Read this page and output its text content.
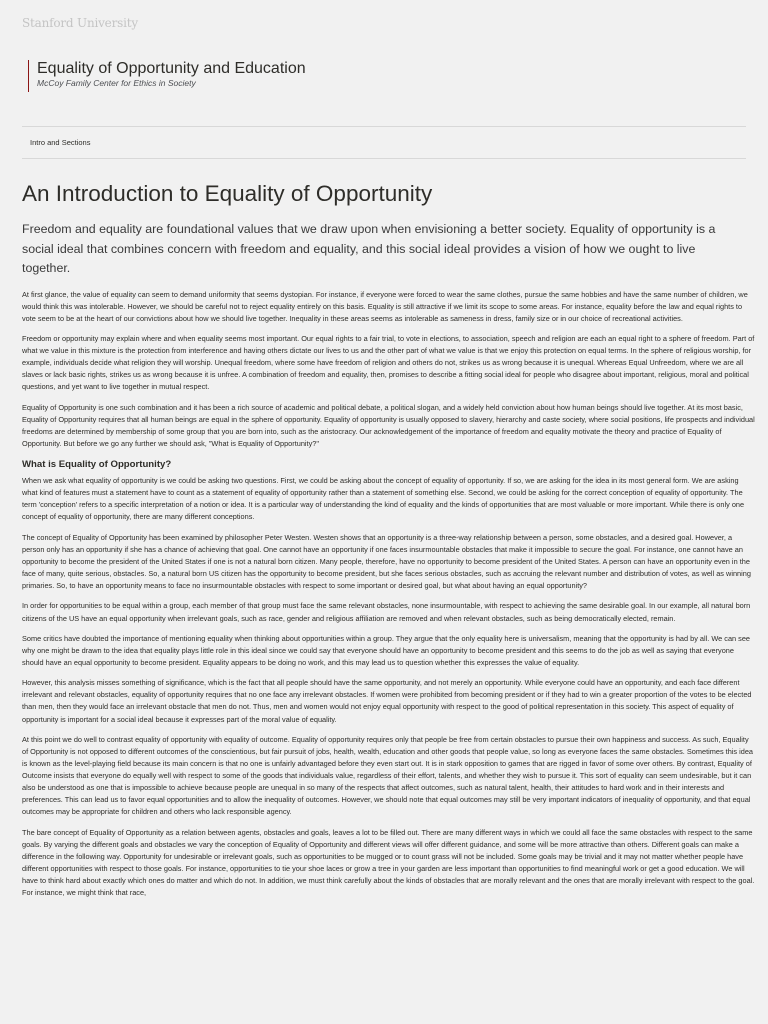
Stanford University
Equality of Opportunity and Education
McCoy Family Center for Ethics in Society
Intro and Sections
An Introduction to Equality of Opportunity

Freedom and equality are foundational values that we draw upon when envisioning a better society. Equality of opportunity is a social ideal that combines concern with freedom and equality, and this social ideal provides a vision of how we ought to live together.

At first glance, the value of equality can seem to demand uniformity that seems dystopian. For instance, if everyone were forced to wear the same clothes, pursue the same hobbies and have the same number of children, we would think this was intolerable. However, we should be careful not to reject equality entirely on this basis. Equality is still attractive if we limit its scope to some areas. For instance, equality before the law and equal rights to vote seem to be at the heart of our convictions about how we should live together. Inequality in these areas seems as intolerable as sameness in dress, family size or in our choice of recreational activities.

Freedom or opportunity may explain where and when equality seems most important. Our equal rights to a fair trial, to vote in elections, to association, speech and religion are each an equal right to a sphere of freedom. Part of what we value in this mixture is the protection from interference and having others dictate our lives to us and the other part of what we value is that we enjoy this protection on equal terms. In the sphere of religious worship, for example, individuals decide what religion they will worship. Unequal freedom, where some have freedom of religion and others do not, strikes us as wrong because it is unequal. Whereas Equal Unfreedom, where we are all slaves or lack basic rights, strikes us as wrong because it is unfree. A combination of freedom and equality, then, promises to describe a fitting social ideal for people who disagree about important, religious, moral and political questions, and yet want to live together in mutual respect.

Equality of Opportunity is one such combination and it has been a rich source of academic and political debate, a political slogan, and a widely held conviction about how human beings should live together. At its most basic, Equality of Opportunity requires that all human beings are equal in the sphere of opportunity. Equality of opportunity is usually opposed to slavery, hierarchy and caste society, where social positions, life prospects and individual freedoms are determined by membership of some group that you are born into, such as the aristocracy. Our acknowledgement of the importance of freedom and equality motivate the theory and practice of Equality of Opportunity. But before we go any further we should ask, "What is Equality of Opportunity?"

What is Equality of Opportunity?

When we ask what equality of opportunity is we could be asking two questions. First, we could be asking about the concept of equality of opportunity. If so, we are asking for the idea in its most general form. We are asking what kind of features must a statement have to count as a statement of equality of opportunity rather than a statement of something else. Second, we could be asking for the correct conception of equality of opportunity. The term 'conception' refers to a specific interpretation of a notion or idea. It is a particular way of understanding the kind of equality and the kinds of opportunities that are most valuable or more important. While there is only one concept of equality of opportunity, there are many different conceptions.

The concept of Equality of Opportunity has been examined by philosopher Peter Westen. Westen shows that an opportunity is a three-way relationship between a person, some obstacles, and a desired goal. However, a person only has an opportunity if she has a chance of achieving that goal. One cannot have an opportunity if one faces insurmountable obstacles that make it impossible to secure the goal. For instance, one cannot have an opportunity to become the president of the United States if one is not a natural born citizen. Many people, therefore, have no opportunity to become president of the United States. A person can have an opportunity even in the face of many, quite serious, obstacles. So, a natural born US citizen has the opportunity to become president, but she faces serious obstacles, such as accruing the relevant number and distribution of votes, as well as winning primaries. So, to have an opportunity means to face no insurmountable obstacles with respect to some important or desired goal, but what about having an equal opportunity?

In order for opportunities to be equal within a group, each member of that group must face the same relevant obstacles, none insurmountable, with respect to achieving the same desirable goal. In our example, all natural born citizens of the US have an equal opportunity when irrelevant goals, such as race, gender and religious affiliation are removed and when relevant obstacles, such as being democratically elected, remain.

Some critics have doubted the importance of mentioning equality when thinking about opportunities within a group. They argue that the only equality here is universalism, meaning that the opportunity is had by all. We can see why one might be drawn to the idea that equality plays little role in this ideal since we could say that everyone should have an opportunity to become president and this seems to do the job as well as saying that everyone should have an equal opportunity to become president. Equality appears to be doing no work, and this may lead us to question whether this expresses the value of equality.

However, this analysis misses something of significance, which is the fact that all people should have the same opportunity, and not merely an opportunity. While everyone could have an opportunity, and each face different irrelevant and relevant obstacles, equality of opportunity requires that no one face any irrelevant obstacles. If women were prohibited from becoming president or if they had to win a greater proportion of the votes to be elected than men, then they would face an irrelevant obstacle that men do not. Thus, men and women would not enjoy equal opportunity with respect to the good of political representation in this society. This aspect of equality of opportunity is important for a social ideal because it expresses part of the moral value of equality.

At this point we do well to contrast equality of opportunity with equality of outcome. Equality of opportunity requires only that people be free from certain obstacles to pursue their own happiness and success. As such, Equality of Opportunity is not opposed to different outcomes of the conscientious, but fair pursuit of jobs, health, wealth, education and other goods that people value, so long as everyone faces the same obstacles. Sometimes this idea is known as the level-playing field because its main concern is that no one is unfairly advantaged before they even start out. It is in stark opposition to games that are rigged in favor of some over others. By contrast, Equality of Outcome insists that everyone do equally well with respect to some of the goods that individuals value, regardless of their effort, talents, and whether they wish to pursue it. This sort of equality can seem undesirable, but it can also be understood as one that is impossible to achieve because people are unequal in so many of the respects that affect outcomes, such as natural talent, health, their attitudes to hard work and in their interests and preferences. This can lead us to favor equal opportunities and to allow the inequality of outcomes. However, we should note that equal outcomes may still be very important indicators of inequality of opportunity, and that equal outcomes may be appropriate for children and others who lack responsible agency.

The bare concept of Equality of Opportunity as a relation between agents, obstacles and goals, leaves a lot to be filled out. There are many different ways in which we could all face the same obstacles with respect to the same goals. By varying the different goals and obstacles we vary the conception of Equality of Opportunity and different views will offer different guidance, and some will be more attractive than others. Different goals can make a difference in the following way. Opportunity for undesirable or irrelevant goals, such as opportunities to be mugged or to count grass will not be included. Some goals may be trivial and it may not matter whether people have different opportunities with respect to those goals. For instance, opportunities to tie your shoe laces or grow a tree in your garden are less important than opportunities to find meaningful work or get a good education. We will have to think hard about exactly which ones do matter and which do not. In addition, we must think carefully about the kinds of obstacles that are morally relevant and the ones that are morally irrelevant with respect to the goal. For instance, we might think that race,
